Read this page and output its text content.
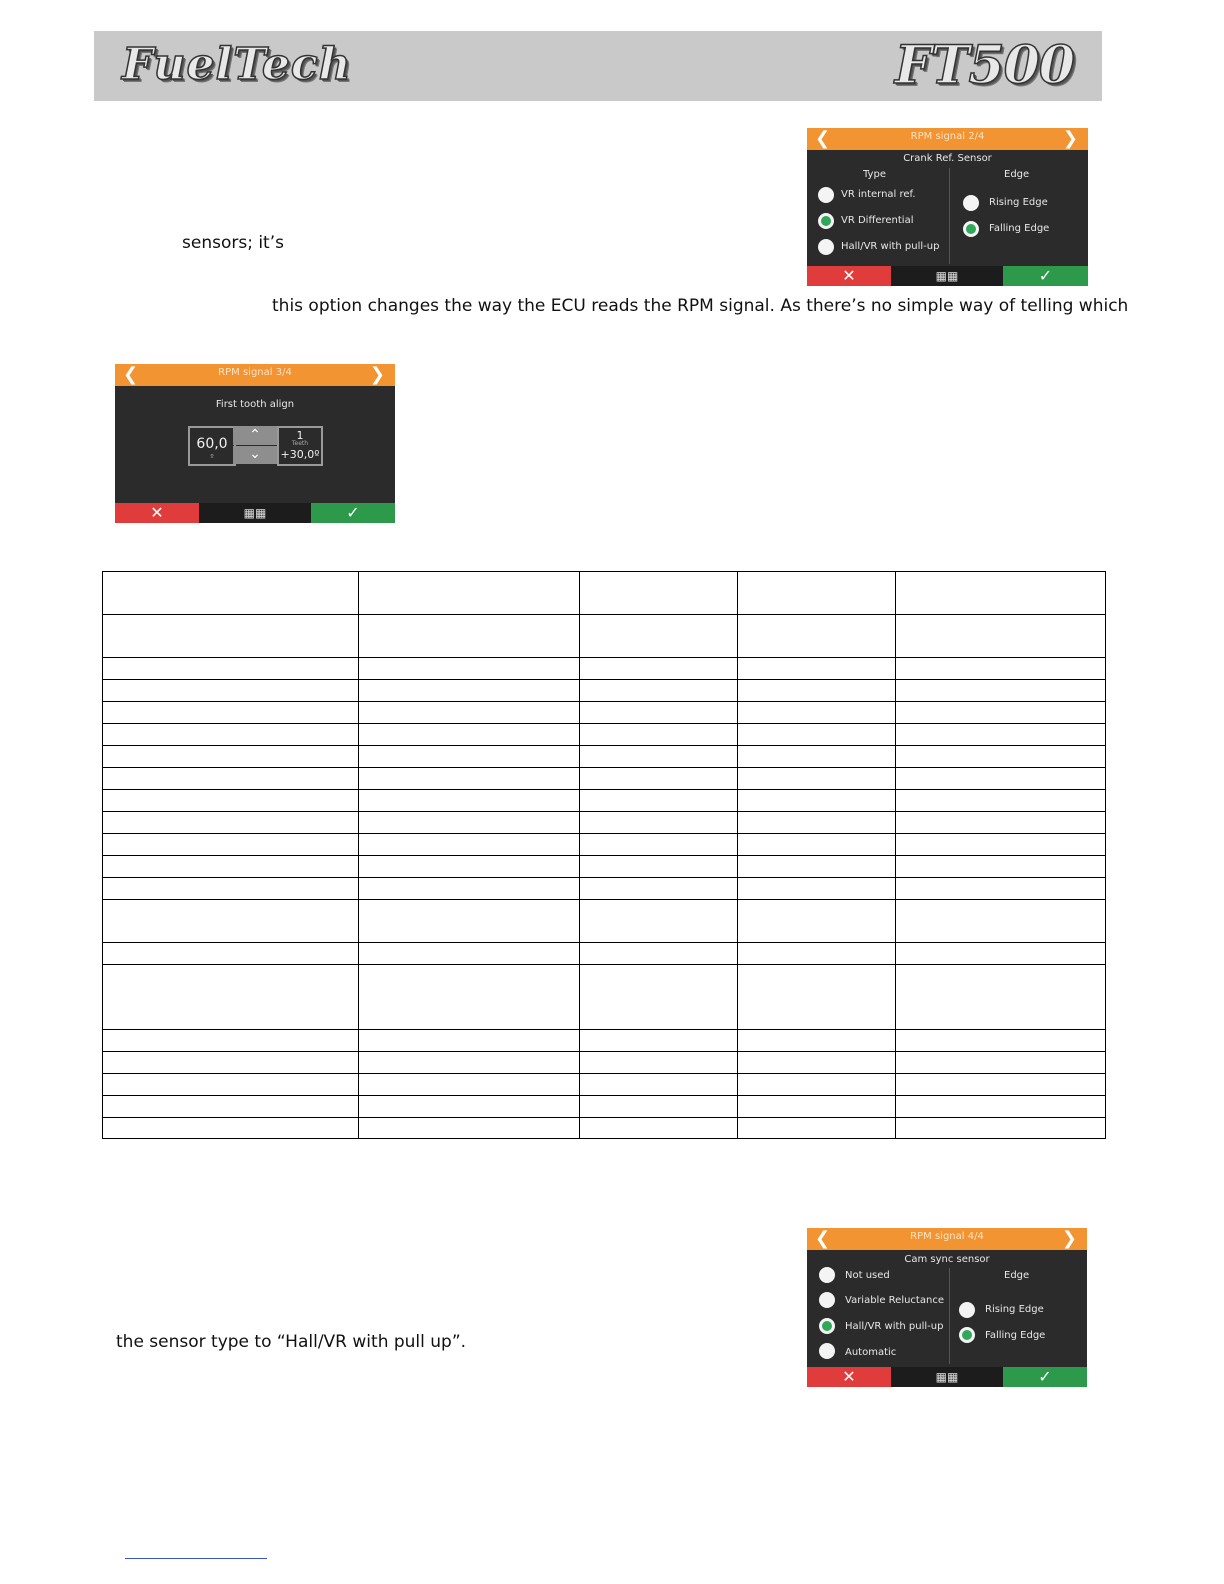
FuelTech	FT500
sensors; it’s
this option changes the way the ECU reads the RPM signal. As there’s no simple way of telling which
the sensor type to “Hall/VR with pull up”.
❮	RPM signal 2/4	❯
Crank Ref. Sensor
Type	Edge
VR internal ref.
VR Differential
Hall/VR with pull-up
Rising Edge
Falling Edge
✕	▦▦	✓
❮	RPM signal 3/4	❯
First tooth align
60,0
º
⌃
⌄
1
Teeth
+30,0º
✕	▦▦	✓

❮	RPM signal 4/4	❯
Cam sync sensor
Edge
Not used
Variable Reluctance
Hall/VR with pull-up
Automatic
Rising Edge
Falling Edge
✕	▦▦	✓
